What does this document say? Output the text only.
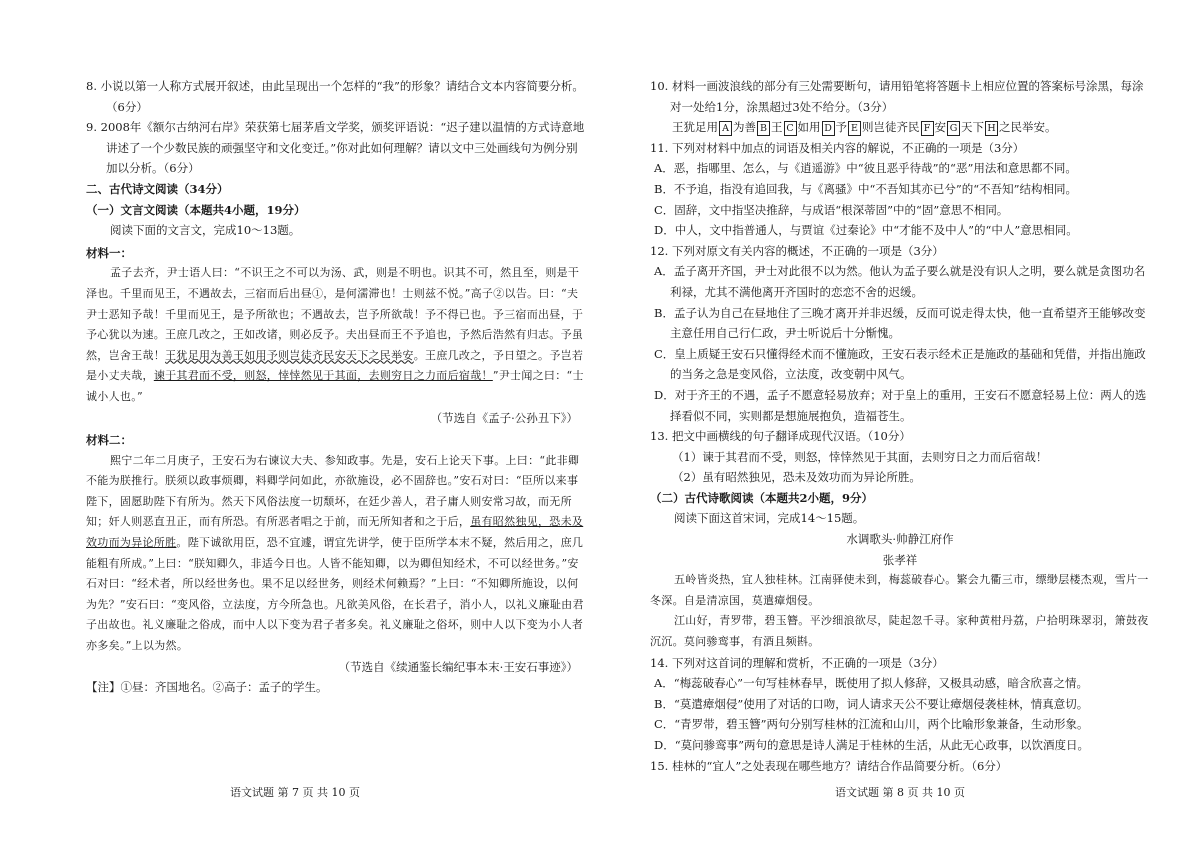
8. 小说以第一人称方式展开叙述，由此呈现出一个怎样的“我”的形象？请结合文本内容简要分析。（6分）

9. 2008年《额尔古纳河右岸》荣获第七届茅盾文学奖，颁奖评语说：“迟子建以温情的方式诗意地讲述了一个少数民族的顽强坚守和文化变迁。”你对此如何理解？请以文中三处画线句为例分别加以分析。（6分）

二、古代诗文阅读（34分）

（一）文言文阅读（本题共4小题，19分）

阅读下面的文言文，完成10～13题。

材料一：

孟子去齐，尹士语人曰：“不识王之不可以为汤、武，则是不明也。识其不可，然且至，则是干泽也。千里而见王，不遇故去，三宿而后出昼①，是何濡滞也！士则兹不悦。”高子②以告。曰：“夫尹士恶知予哉！千里而见王，是予所欲也；不遇故去，岂予所欲哉！予不得已也。予三宿而出昼，于予心犹以为速。王庶几改之，王如改诸，则必反予。夫出昼而王不予追也，予然后浩然有归志。予虽然，岂舍王哉！王犹足用为善王如用予则岂徒齐民安天下之民举安。王庶几改之，予日望之。予岂若是小丈夫哉，谏于其君而不受，则怒，悻悻然见于其面，去则穷日之力而后宿哉！”尹士闻之曰：“士诚小人也。”

（节选自《孟子·公孙丑下》）

材料二：

熙宁二年二月庚子，王安石为右谏议大夫、参知政事。先是，安石上论天下事。上曰：“此非卿不能为朕推行。朕须以政事烦卿，料卿学问如此，亦欲施设，必不固辞也。”安石对曰：“臣所以来事陛下，固愿助陛下有所为。然天下风俗法度一切颓坏，在廷少善人，君子庸人则安常习故，而无所知；奸人则恶直丑正，而有所恐。有所恶者唱之于前，而无所知者和之于后，虽有昭然独见，恐未及效功而为异论所胜。陛下诚欲用臣，恐不宜遽，谓宜先讲学，使于臣所学本末不疑，然后用之，庶几能粗有所成。”上曰：“朕知卿久，非适今日也。人皆不能知卿，以为卿但知经术，不可以经世务。”安石对曰：“经术者，所以经世务也。果不足以经世务，则经术何赖焉？”上曰：“不知卿所施设，以何为先？”安石曰：“变风俗，立法度，方今所急也。凡欲美风俗，在长君子，消小人，以礼义廉耻由君子出故也。礼义廉耻之俗成，而中人以下变为君子者多矣。礼义廉耻之俗坏，则中人以下变为小人者亦多矣。”上以为然。

（节选自《续通鉴长编纪事本末·王安石事迹》）

【注】①昼：齐国地名。②高子：孟子的学生。

语文试题 第 7 页 共 10 页

10. 材料一画波浪线的部分有三处需要断句，请用铅笔将答题卡上相应位置的答案标号涂黑，每涂对一处给1分，涂黑超过3处不给分。（3分）

王犹足用 A 为善 B 王 C 如用 D 予 E 则岂徒齐民 F 安 G 天下 H 之民举安。

11. 下列对材料中加点的词语及相关内容的解说，不正确的一项是（3分）

A．恶，指哪里、怎么，与《逍遥游》中“彼且恶乎待哉”的“恶”用法和意思都不同。

B．不予追，指没有追回我，与《离骚》中“不吾知其亦已兮”的“不吾知”结构相同。

C．固辞，文中指坚决推辞，与成语“根深蒂固”中的“固”意思不相同。

D．中人，文中指普通人，与贾谊《过秦论》中“才能不及中人”的“中人”意思相同。

12. 下列对原文有关内容的概述，不正确的一项是（3分）

A．孟子离开齐国，尹士对此很不以为然。他认为孟子要么就是没有识人之明，要么就是贪图功名利禄，尤其不满他离开齐国时的恋恋不舍的迟缓。

B．孟子认为自己在昼地住了三晚才离开并非迟缓，反而可说走得太快，他一直希望齐王能够改变主意任用自己行仁政，尹士听说后十分惭愧。

C．皇上质疑王安石只懂得经术而不懂施政，王安石表示经术正是施政的基础和凭借，并指出施政的当务之急是变风俗，立法度，改变朝中风气。

D．对于齐王的不遇，孟子不愿意轻易放弃；对于皇上的重用，王安石不愿意轻易上位：两人的选择看似不同，实则都是想施展抱负，造福苍生。

13. 把文中画横线的句子翻译成现代汉语。（10分）

（1）谏于其君而不受，则怒，悻悻然见于其面，去则穷日之力而后宿哉！

（2）虽有昭然独见，恐未及效功而为异论所胜。

（二）古代诗歌阅读（本题共2小题，9分）

阅读下面这首宋词，完成14～15题。

水调歌头·帅静江府作

张孝祥

五岭皆炎热，宜人独桂林。江南驿使未到，梅蕊破春心。繁会九衢三市，缥缈层楼杰观，雪片一冬深。自是清凉国，莫遣瘴烟侵。

江山好，青罗带，碧玉簪。平沙细浪欲尽，陡起忽千寻。家种黄柑丹荔，户拾明珠翠羽，箫鼓夜沉沉。莫问骖鸾事，有酒且频斟。

14. 下列对这首词的理解和赏析，不正确的一项是（3分）

A．“梅蕊破春心”一句写桂林春早，既使用了拟人修辞，又极具动感，暗含欣喜之情。

B．“莫遣瘴烟侵”使用了对话的口吻，词人请求天公不要让瘴烟侵袭桂林，情真意切。

C．“青罗带，碧玉簪”两句分别写桂林的江流和山川，两个比喻形象兼备，生动形象。

D．“莫问骖鸾事”两句的意思是诗人满足于桂林的生活，从此无心政事，以饮酒度日。

15. 桂林的“宜人”之处表现在哪些地方？请结合作品简要分析。（6分）

语文试题 第 8 页 共 10 页
